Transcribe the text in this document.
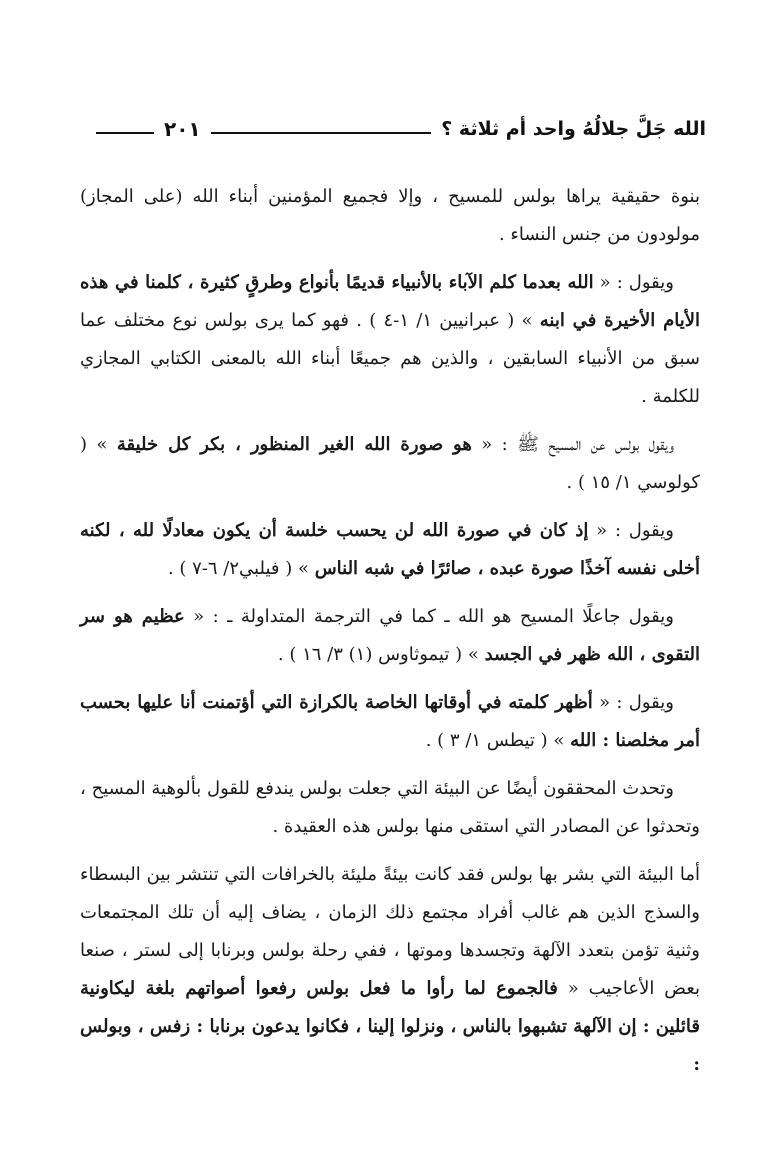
الله جَلَّ جلالُهُ واحد أم ثلاثة ؟
٢٠١

بنوة حقيقية يراها بولس للمسيح ، وإلا فجميع المؤمنين أبناء الله (على المجاز) مولودون من جنس النساء .

ويقول : « الله بعدما كلم الآباء بالأنبياء قديمًا بأنواع وطرقٍ كثيرة ، كلمنا في هذه الأيام الأخيرة في ابنه » ( عبرانيين ١/ ١-٤ ) . فهو كما يرى بولس نوع مختلف عما سبق من الأنبياء السابقين ، والذين هم جميعًا أبناء الله بالمعنى الكتابي المجازي للكلمة .

ويقول بولس عن المسيح ﷺ : « هو صورة الله الغير المنظور ، بكر كل خليقة » ( كولوسي ١/ ١٥ ) .

ويقول : « إذ كان في صورة الله لن يحسب خلسة أن يكون معادلًا لله ، لكنه أخلى نفسه آخذًا صورة عبده ، صائرًا في شبه الناس » ( فيلبي٢/ ٦-٧ ) .

ويقول جاعلًا المسيح هو الله ـ كما في الترجمة المتداولة ـ : « عظيم هو سر التقوى ، الله ظهر في الجسد » ( تيموثاوس (١) ٣/ ١٦ ) .

ويقول : « أظهر كلمته في أوقاتها الخاصة بالكرازة التي أؤتمنت أنا عليها بحسب أمر مخلصنا : الله » ( تيطس ١/ ٣ ) .

وتحدث المحققون أيضًا عن البيئة التي جعلت بولس يندفع للقول بألوهية المسيح ، وتحدثوا عن المصادر التي استقى منها بولس هذه العقيدة .

أما البيئة التي بشر بها بولس فقد كانت بيئةً مليئة بالخرافات التي تنتشر بين البسطاء والسذج الذين هم غالب أفراد مجتمع ذلك الزمان ، يضاف إليه أن تلك المجتمعات وثنية تؤمن بتعدد الآلهة وتجسدها وموتها ، ففي رحلة بولس وبرنابا إلى لستر ، صنعا بعض الأعاجيب « فالجموع لما رأوا ما فعل بولس رفعوا أصواتهم بلغة ليكاونية قائلين : إن الآلهة تشبهوا بالناس ، ونزلوا إلينا ، فكانوا يدعون برنابا : زفس ، وبولس :
